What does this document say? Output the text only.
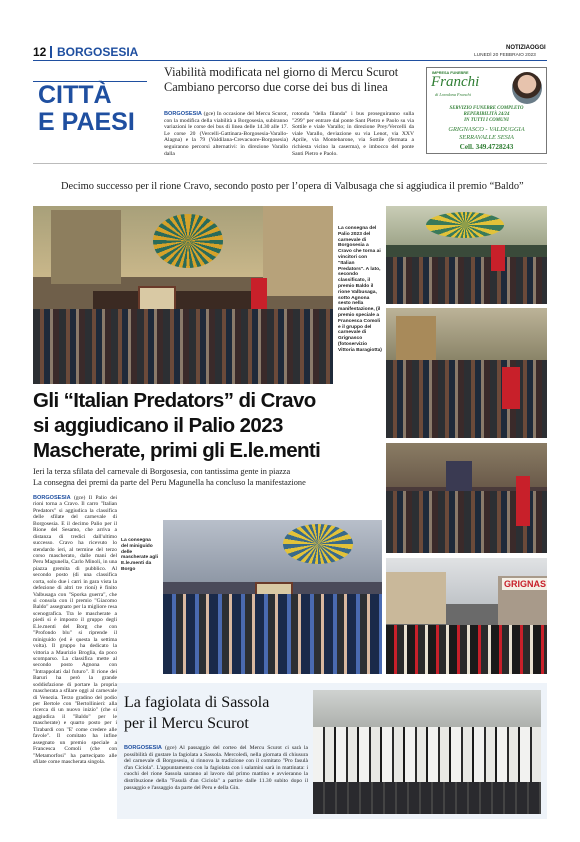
12 BORGOSESIA	NOTIZIAOGGI
LUNEDÌ 20 FEBBRAIO 2023
CITTÀ
E PAESI
Viabilità modificata nel giorno di Mercu Scurot
Cambiano percorso due corse dei bus di linea
BORGOSESIA (gce) In occasione del Mercu Scurot, con la modifica della viabilità a Borgosesia, subiranno variazioni le corse dei bus di linea delle 14.30 alle 17. Le corse 20 (Vercelli-Gattinara-Borgosesia-Varallo-Alagna) e la 79 (Valdilana-Crevacuore-Borgosesia) seguiranno percorsi alternativi: in direzione Varallo dalla
rotonda "della filanda" i bus proseguiranno sulla "299" per entrare dal ponte Sant Pietro e Paolo su via Sottile e viale Varallo; in direzione Prey/Vercelli da viale Varallo, deviazione su via Lenot, via XXV Aprile, via Montebarone, via Sottile (fermata a richiesta vicino la caserma), e imbocco del ponte Santi Pietro e Paolo.
IMPRESA FUNEBRE
Franchi
di Loredana Franchi
SERVIZIO FUNEBRE COMPLETO
REPERIBILITÀ 24/24
IN TUTTI I COMUNI
GRIGNASCO - VALDUGGIA
SERRAVALLE SESIA
Cell. 349.4728243
Decimo successo per il rione Cravo, secondo posto per l’opera di Valbusaga che si aggiudica il premio “Baldo”
La consegna del Palio 2023 del carnevale di Borgosesia a Cravo che torna ai vincitori con "Italian Predators". A lato, secondo classificato, il premio Baldo il rione Valbusaga, sotto Agnona sesto nella manifestazione, (il premio speciale a Francesca Comoli e il gruppo del carnevale di Grignasco (fotoservizio Vittoria Baragiotta)
GRIGNAS
Gli “Italian Predators” di Cravo
si aggiudicano il Palio 2023
Mascherate, primi gli E.le.menti
Ieri la terza sfilata del carnevale di Borgosesia, con tantissima gente in piazza
La consegna dei premi da parte del Peru Magunella ha concluso la manifestazione
BORGOSESIA (gce) Il Palio dei rioni torna a Cravo. Il carro "Italian Predators" si aggiudica la classifica delle sfilate del carnevale di Borgosesia. E il decimo Palio per il Rione del Sesamo, che arriva a distanza di tredici dall'ultimo successo. Cravo ha ricevuto lo stendardo ieri, al termine del terzo corso mascherato, dalle mani del Peru Magunella, Carlo Minoli, in una piazza gremita di pubblico. Al secondo posto (di una classifica corta, solo due i carri in gara vista la defezione di altri tre rioni) è finito Valbusaga con "Sporka guerra", che si consola con il premio "Giacomo Baldo" assegnato per la migliore resa scenografica. Tra le mascherate a piedi si è imposto il gruppo degli E.le.menti del Borg che con "Profondo blu" si riprende il miniguido (ed è questa la settima volta). Il gruppo ha dedicato la vittoria a Maurizio Broglia, da poco scomparso. La classifica mette al secondo posto Agnona con "Intrappolati dal futuro". Il rione dei Baruri ha però la grande soddisfazione di portare la propria mascherata a sfilare oggi al carnevale di Venezia. Terzo gradino del podio per Bertole con "Bertollinieri: alla ricerca di un nuovo inizio" (che si aggiudica il "Baldo" per le mascherate) e quarto posto per i Tirabardi con "E' come credere alle favole". Il comitato ha infine assegnato un premio speciale a Francesca Comoli (che con "Metamorfosi" ha partecipato alle sfilate come mascherata singola.
La consegna del miniguido delle mascherate agli E.le.menti da Borgo
La fagiolata di Sassola
per il Mercu Scurot
BORGOSESIA (gce) Al passaggio del corteo del Mercu Scurot ci sarà la possibilità di gustare la fagiolata a Sassola. Mercoledì, nella giornata di chiusura del carnevale di Borgosesia, si rinnova la tradizione con il comitato "Pro fasulà d'an Ciciola". L'appuntamento con la fagiolata con i salamini sarà in mattinata: i cuochi del rione Sassola saranno al lavoro dal primo mattino e avvieranno la distribuzione della "Fasulà d'an Ciciola" a partire dalle 11.30 subito dopo il passaggio e l'assaggio da parte del Peru e della Gin.
